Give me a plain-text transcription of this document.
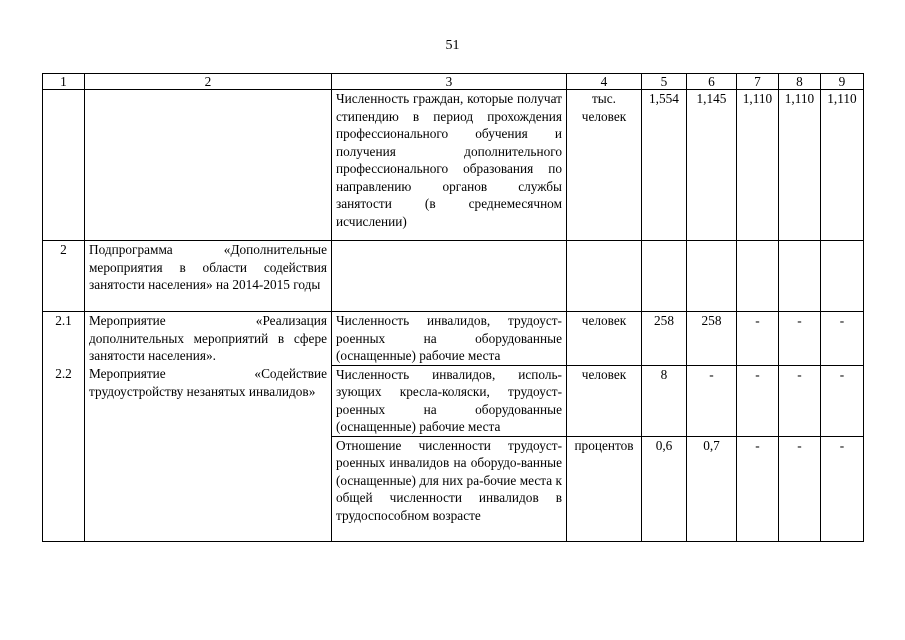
51
1	2	3	4	5	6	7	8	9
		Численность граждан, которые получат стипендию в период прохождения профессионального обучения и получения дополнительного профессионального образования по направлению органов службы занятости (в среднемесячном исчислении)	тыс. человек	1,554	1,145	1,110	1,110	1,110
2	Подпрограмма «Дополнительные мероприятия в области содействия занятости населения» на 2014-2015 годы							
2.1	Мероприятие «Реализация дополнительных мероприятий в сфере занятости населения».	Численность инвалидов, трудоуст-роенных на оборудованные (оснащенные) рабочие места	человек	258	258	-	-	-
2.2	Мероприятие «Содействие трудоустройству незанятых инвалидов»	Численность инвалидов, исполь-зующих кресла-коляски, трудоуст-роенных на оборудованные (оснащенные) рабочие места	человек	8	-	-	-	-
		Отношение численности трудоуст-роенных инвалидов на оборудо-ванные (оснащенные) для них ра-бочие места к общей численности инвалидов в трудоспособном возрасте	процентов	0,6	0,7	-	-	-
